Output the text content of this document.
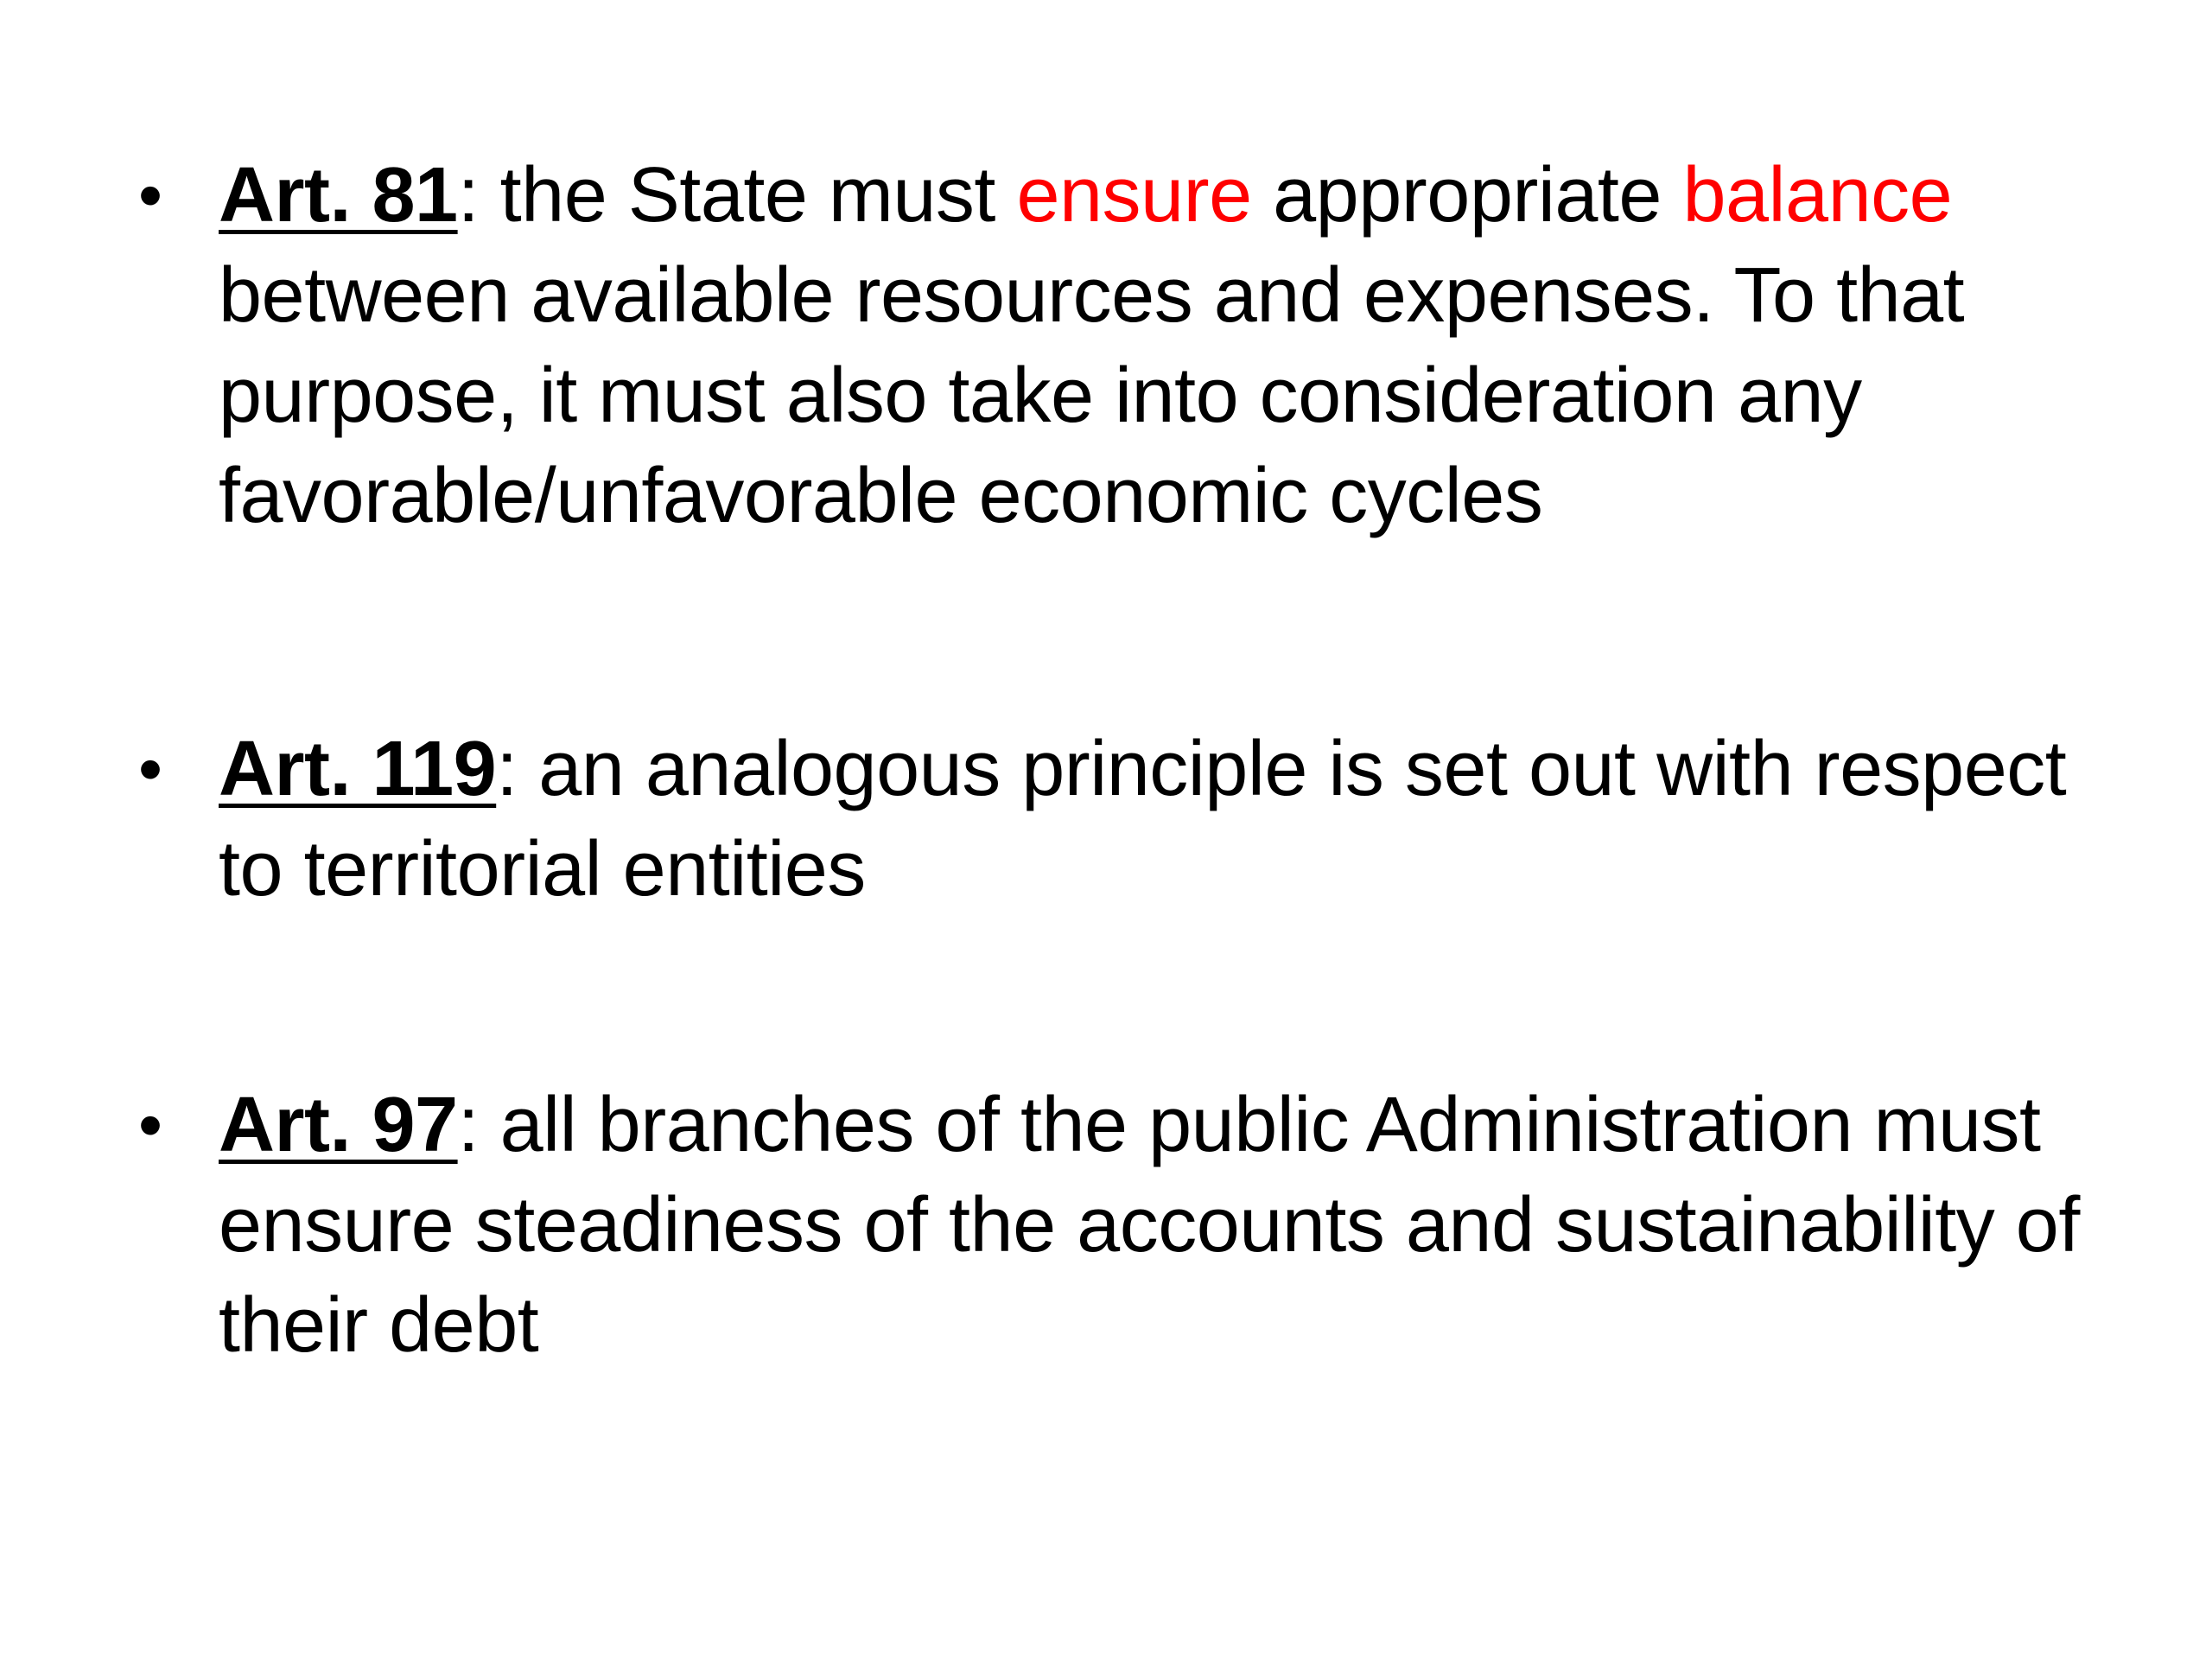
• Art. 81: the State must ensure appropriate balance between available resources and expenses. To that purpose, it must also take into consideration any favorable/unfavorable economic cycles
• Art. 119: an analogous principle is set out with respect to territorial entities
• Art. 97: all branches of the public Administration must ensure steadiness of the accounts and sustainability of their debt
